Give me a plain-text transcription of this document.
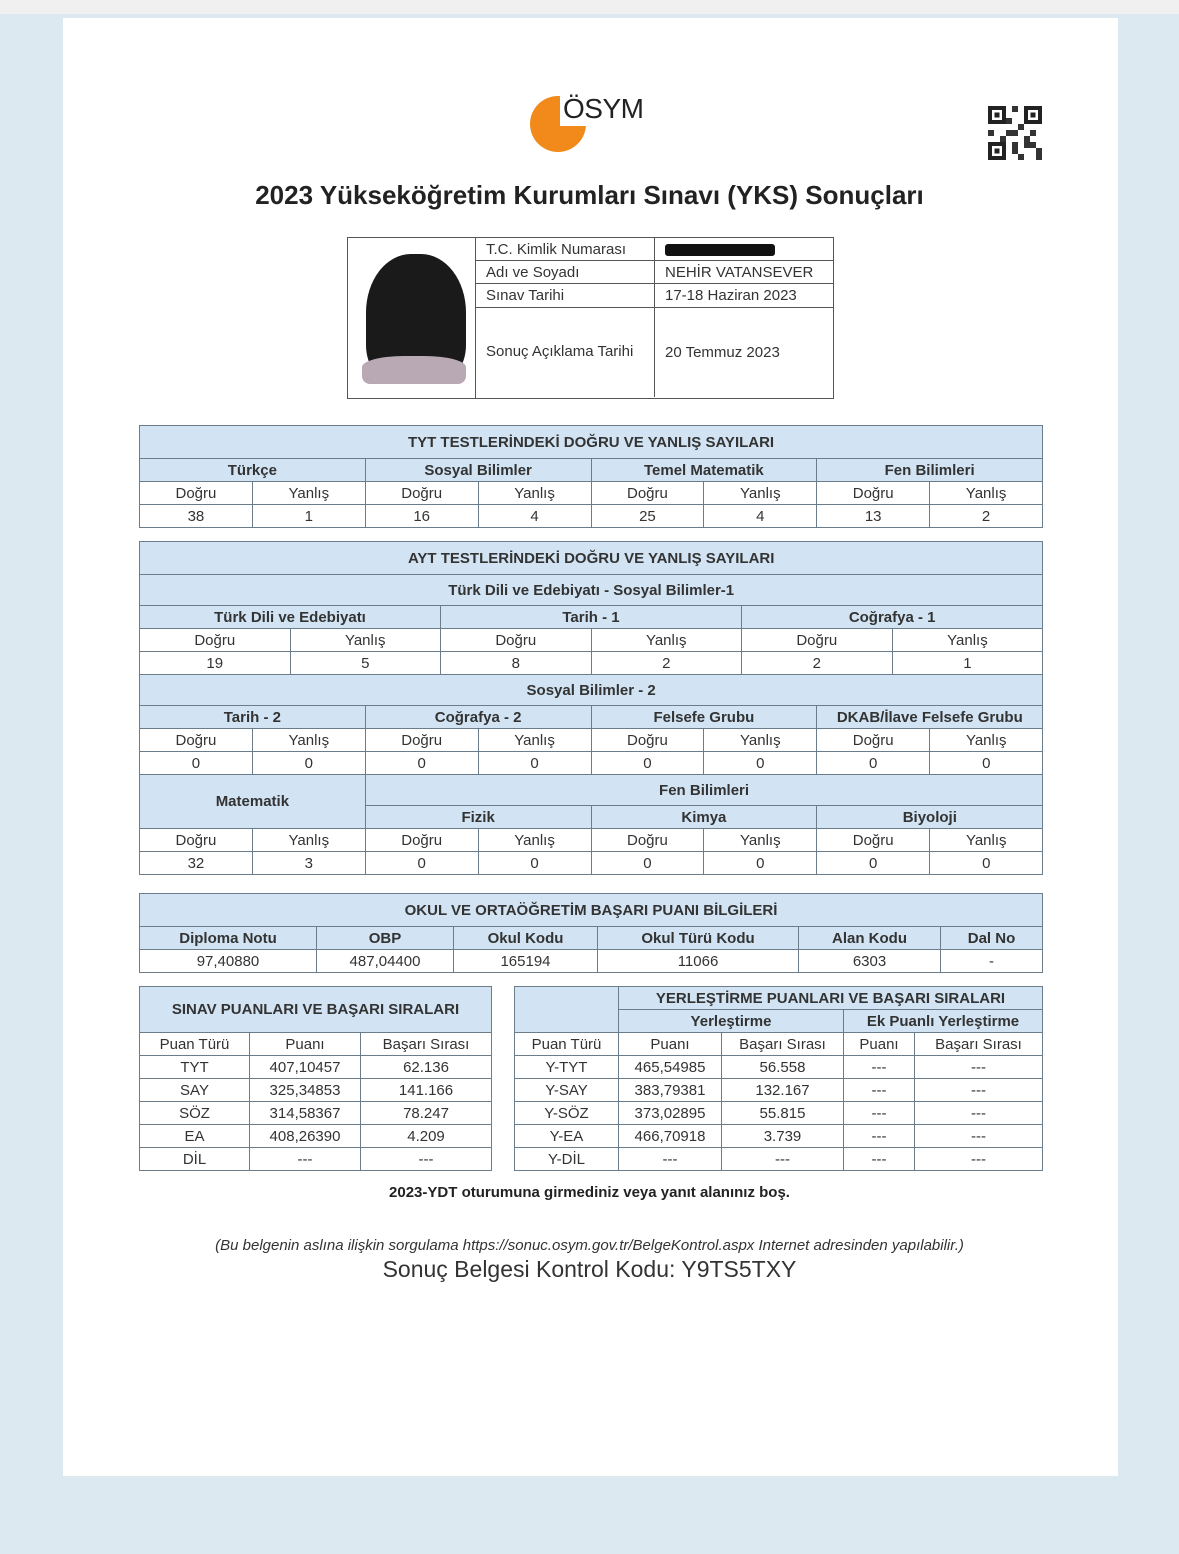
ÖSYM
2023 Yükseköğretim Kurumları Sınavı (YKS) Sonuçları
T.C. Kimlik Numarası
Adı ve Soyadı	NEHİR VATANSEVER
Sınav Tarihi	17-18 Haziran 2023
Sonuç Açıklama Tarihi	20 Temmuz 2023
TYT TESTLERİNDEKİ DOĞRU VE YANLIŞ SAYILARI							
Türkçe		Sosyal Bilimler		Temel Matematik		Fen Bilimleri	
Doğru	Yanlış	Doğru	Yanlış	Doğru	Yanlış	Doğru	Yanlış
38	1	16	4	25	4	13	2
AYT TESTLERİNDEKİ DOĞRU VE YANLIŞ SAYILARI											
Türk Dili ve Edebiyatı - Sosyal Bilimler-1											
Türk Dili ve Edebiyatı				Tarih - 1				Coğrafya - 1			
Doğru		Yanlış		Doğru		Yanlış		Doğru		Yanlış	
19		5		8		2		2		1	
Sosyal Bilimler - 2											
Tarih - 2			Coğrafya - 2			Felsefe Grubu			DKAB/İlave Felsefe Grubu		
Doğru	Yanlış		Doğru		Yanlış	Doğru	Yanlış		Doğru		Yanlış
0	0		0		0	0	0		0		0
Matematik			Fen Bilimleri								
			Fizik			Kimya			Biyoloji		
Doğru	Yanlış		Doğru		Yanlış	Doğru	Yanlış		Doğru		Yanlış
32	3		0		0	0	0		0		0
OKUL VE ORTAÖĞRETİM BAŞARI PUANI BİLGİLERİ					
Diploma Notu	OBP	Okul Kodu	Okul Türü Kodu	Alan Kodu	Dal No
97,40880	487,04400	165194	11066	6303	-
SINAV PUANLARI VE BAŞARI SIRALARI		
Puan Türü	Puanı	Başarı Sırası
TYT	407,10457	62.136
SAY	325,34853	141.166
SÖZ	314,58367	78.247
EA	408,26390	4.209
DİL	---	---
	YERLEŞTİRME PUANLARI VE BAŞARI SIRALARI			
	Yerleştirme		Ek Puanlı Yerleştirme	
Puan Türü	Puanı	Başarı Sırası	Puanı	Başarı Sırası
Y-TYT	465,54985	56.558	---	---
Y-SAY	383,79381	132.167	---	---
Y-SÖZ	373,02895	55.815	---	---
Y-EA	466,70918	3.739	---	---
Y-DİL	---	---	---	---
2023-YDT oturumuna girmediniz veya yanıt alanınız boş.
(Bu belgenin aslına ilişkin sorgulama https://sonuc.osym.gov.tr/BelgeKontrol.aspx Internet adresinden yapılabilir.)
Sonuç Belgesi Kontrol Kodu: Y9TS5TXY
